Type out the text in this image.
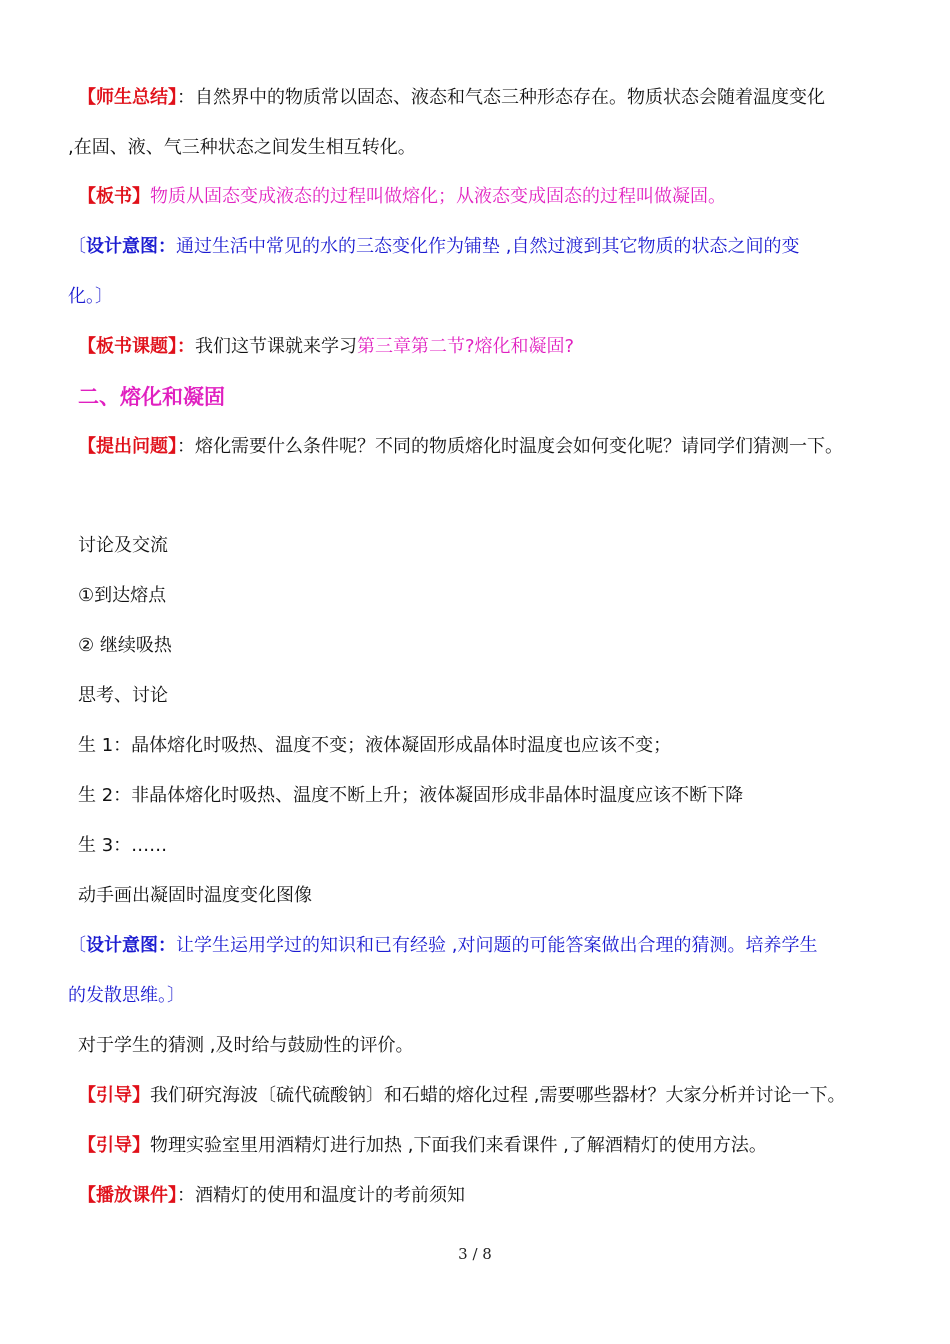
【师生总结】：自然界中的物质常以固态、液态和气态三种形态存在。物质状态会随着温度变化
,在固、液、气三种状态之间发生相互转化。
【板书】物质从固态变成液态的过程叫做熔化；从液态变成固态的过程叫做凝固。
〔设计意图：通过生活中常见的水的三态变化作为铺垫 ,自然过渡到其它物质的状态之间的变
化。〕
【板书课题】：我们这节课就来学习第三章第二节?熔化和凝固?
二、熔化和凝固
【提出问题】：熔化需要什么条件呢？不同的物质熔化时温度会如何变化呢？请同学们猜测一下。
讨论及交流
①到达熔点
② 继续吸热
思考、讨论
生 1：晶体熔化时吸热、温度不变；液体凝固形成晶体时温度也应该不变；
生 2：非晶体熔化时吸热、温度不断上升；液体凝固形成非晶体时温度应该不断下降
生 3：……
动手画出凝固时温度变化图像
〔设计意图：让学生运用学过的知识和已有经验 ,对问题的可能答案做出合理的猜测。培养学生
的发散思维。〕
对于学生的猜测 ,及时给与鼓励性的评价。
【引导】我们研究海波〔硫代硫酸钠〕和石蜡的熔化过程 ,需要哪些器材？大家分析并讨论一下。
【引导】物理实验室里用酒精灯进行加热 ,下面我们来看课件 ,了解酒精灯的使用方法。
【播放课件】：酒精灯的使用和温度计的考前须知
3 / 8
